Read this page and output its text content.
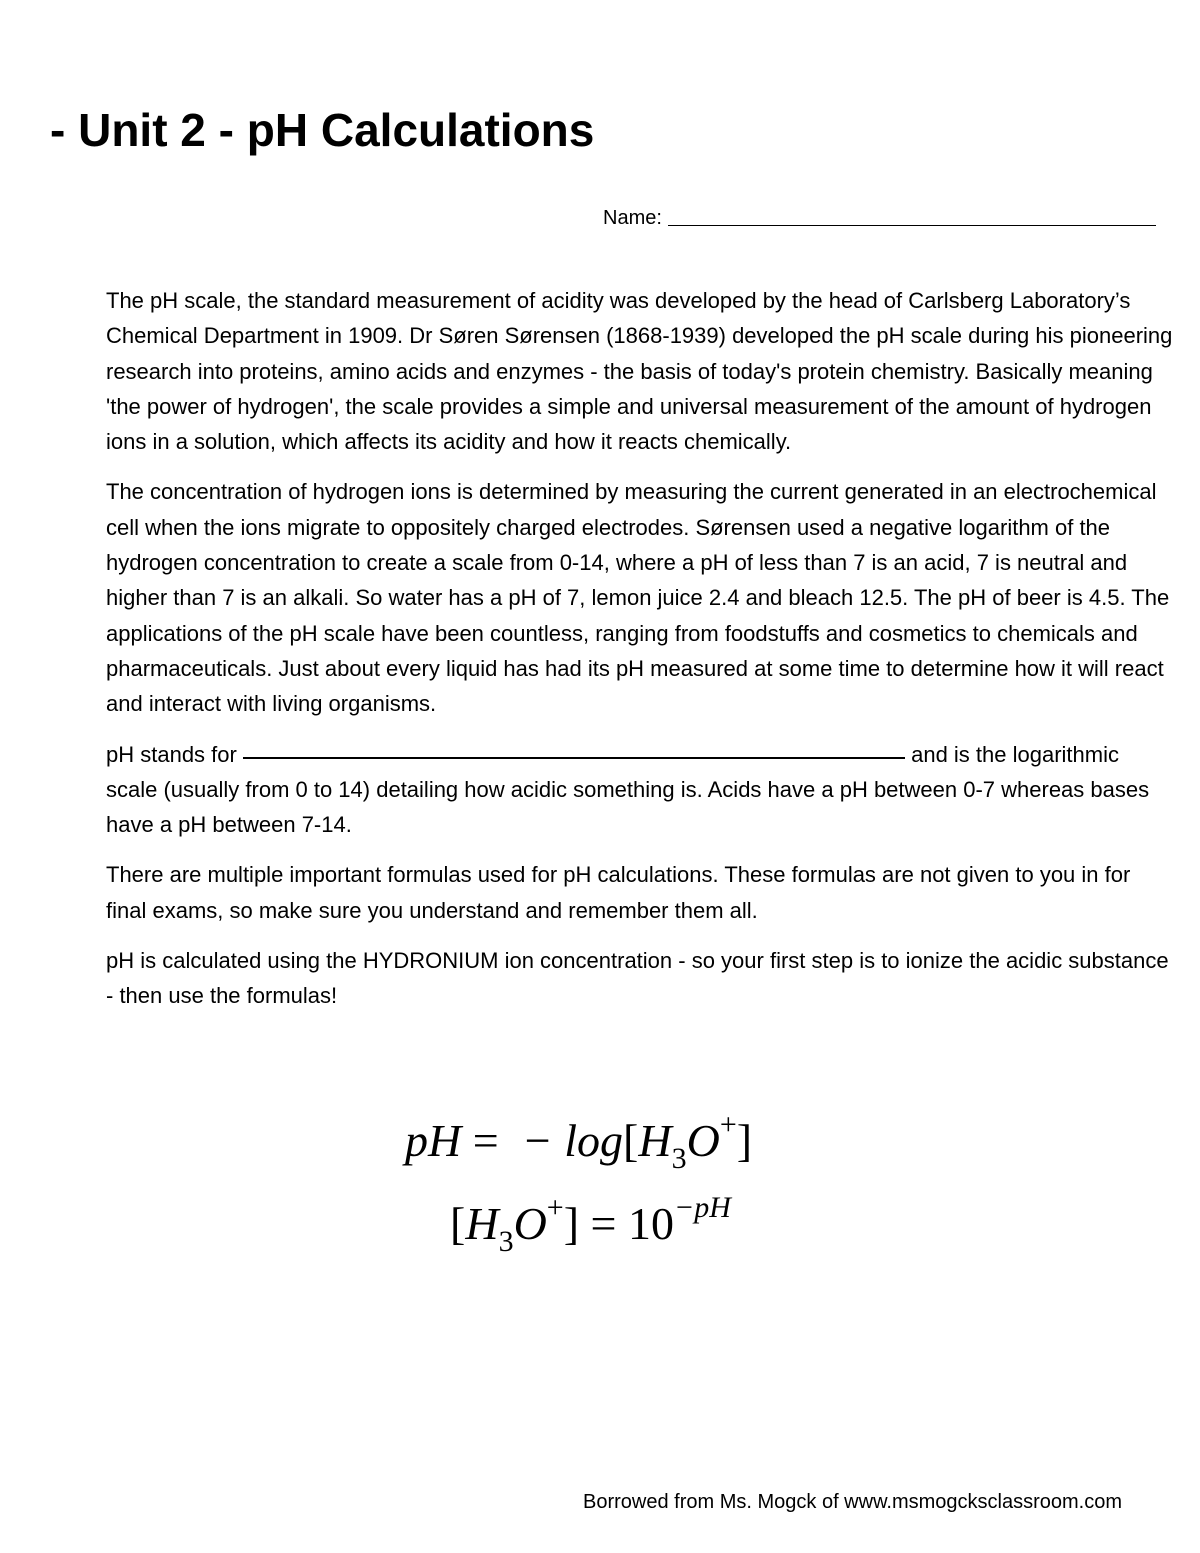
- Unit 2 - pH Calculations
Name:

The pH scale, the standard measurement of acidity was developed by the head of Carlsberg Laboratory’s Chemical Department in 1909. Dr Søren Sørensen (1868-1939) developed the pH scale during his pioneering research into proteins, amino acids and enzymes - the basis of today's protein chemistry. Basically meaning 'the power of hydrogen', the scale provides a simple and universal measurement of the amount of hydrogen ions in a solution, which affects its acidity and how it reacts chemically.

The concentration of hydrogen ions is determined by measuring the current generated in an electrochemical cell when the ions migrate to oppositely charged electrodes. Sørensen used a negative logarithm of the hydrogen concentration to create a scale from 0-14, where a pH of less than 7 is an acid, 7 is neutral and higher than 7 is an alkali. So water has a pH of 7, lemon juice 2.4 and bleach 12.5. The pH of beer is 4.5. The applications of the pH scale have been countless, ranging from foodstuffs and cosmetics to chemicals and pharmaceuticals. Just about every liquid has had its pH measured at some time to determine how it will react and interact with living organisms.

pH stands for	and is the logarithmic scale (usually from 0 to 14) detailing how acidic something is. Acids have a pH between 0-7 whereas bases have a pH between 7-14.

There are multiple important formulas used for pH calculations. These formulas are not given to you in for final exams, so make sure you understand and remember them all.

pH is calculated using the HYDRONIUM ion concentration - so your first step is to ionize the acidic substance - then use the formulas!

pH = − $\log[H_3O^+]$
$[H_3O^+] = 10^{-pH}$
Borrowed from Ms. Mogck of www.msmogcksclassroom.com
